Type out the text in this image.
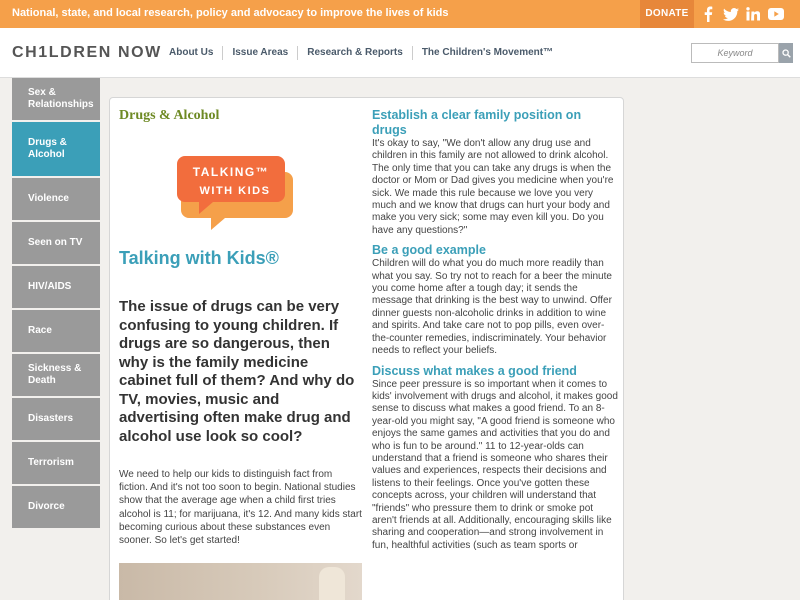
National, state, and local research, policy and advocacy to improve the lives of kids	DONATE
CH1LDREN NOW About Us	Issue Areas	Research & Reports	The Children's Movement™
Keyword
Sex & Relationships
Drugs & Alcohol
Violence
Seen on TV
HIV/AIDS
Race
Sickness & Death
Disasters
Terrorism
Divorce
Drugs & Alcohol
TALKING™
WITH KIDS
Talking with Kids®
The issue of drugs can be very confusing to young children. If drugs are so dangerous, then why is the family medicine cabinet full of them? And why do TV, movies, music and advertising often make drug and alcohol use look so cool?
We need to help our kids to distinguish fact from fiction. And it's not too soon to begin. National studies show that the average age when a child first tries alcohol is 11; for marijuana, it's 12. And many kids start becoming curious about these substances even sooner. So let's get started!
Establish a clear family position on drugs
It's okay to say, "We don't allow any drug use and children in this family are not allowed to drink alcohol. The only time that you can take any drugs is when the doctor or Mom or Dad gives you medicine when you're sick. We made this rule because we love you very much and we know that drugs can hurt your body and make you very sick; some may even kill you. Do you have any questions?"
Be a good example
Children will do what you do much more readily than what you say. So try not to reach for a beer the minute you come home after a tough day; it sends the message that drinking is the best way to unwind. Offer dinner guests non-alcoholic drinks in addition to wine and spirits. And take care not to pop pills, even over-the-counter remedies, indiscriminately. Your behavior needs to reflect your beliefs.
Discuss what makes a good friend
Since peer pressure is so important when it comes to kids' involvement with drugs and alcohol, it makes good sense to discuss what makes a good friend. To an 8-year-old you might say, "A good friend is someone who enjoys the same games and activities that you do and who is fun to be around." 11 to 12-year-olds can understand that a friend is someone who shares their values and experiences, respects their decisions and listens to their feelings. Once you've gotten these concepts across, your children will understand that "friends" who pressure them to drink or smoke pot aren't friends at all. Additionally, encouraging skills like sharing and cooperation—and strong involvement in fun, healthful activities (such as team sports or
